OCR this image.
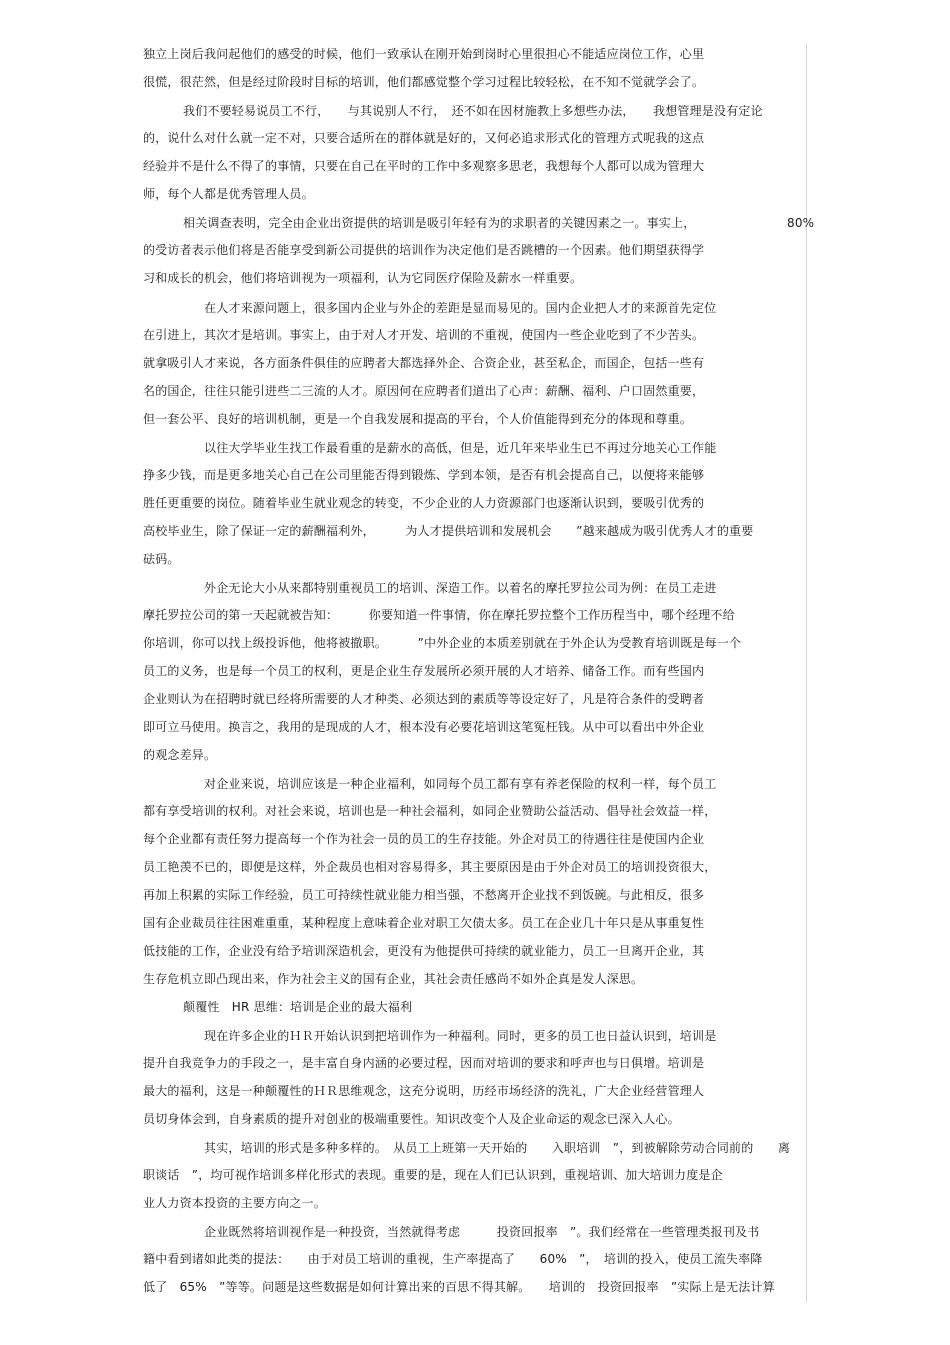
独立上岗后我问起他们的感受的时候，他们一致承认在刚开始到岗时心里很担心不能适应岗位工作，心里
很慌，很茫然，但是经过阶段时目标的培训，他们都感觉整个学习过程比较轻松，在不知不觉就学会了。
我们不要轻易说员工不行，　　与其说别人不行，　还不如在因材施教上多想些办法，　　我想管理是没有定论
的，说什么对什么就一定不对，只要合适所在的群体就是好的，又何必追求形式化的管理方式呢我的这点
经验并不是什么不得了的事情，只要在自己在平时的工作中多观察多思老，我想每个人都可以成为管理大
师，每个人都是优秀管理人员。
相关调查表明，完全由企业出资提供的培训是吸引年轻有为的求职者的关键因素之一。事实上，　　　　　　　　80%
的受访者表示他们将是否能享受到新公司提供的培训作为决定他们是否跳槽的一个因素。他们期望获得学
习和成长的机会，他们将培训视为一项福利，认为它同医疗保险及薪水一样重要。
在人才来源问题上，很多国内企业与外企的差距是显而易见的。国内企业把人才的来源首先定位
在引进上，其次才是培训。事实上，由于对人才开发、培训的不重视，使国内一些企业吃到了不少苦头。
就拿吸引人才来说，各方面条件俱佳的应聘者大都选择外企、合资企业，甚至私企，而国企，包括一些有
名的国企，往往只能引进些二三流的人才。原因何在应聘者们道出了心声：薪酬、福利、户口固然重要，
但一套公平、良好的培训机制，更是一个自我发展和提高的平台，个人价值能得到充分的体现和尊重。
以往大学毕业生找工作最看重的是薪水的高低，但是，近几年来毕业生已不再过分地关心工作能
挣多少钱，而是更多地关心自己在公司里能否得到锻炼、学到本领，是否有机会提高自己，以便将来能够
胜任更重要的岗位。随着毕业生就业观念的转变，不少企业的人力资源部门也逐渐认识到，要吸引优秀的
高校毕业生，除了保证一定的薪酬福利外，　　　为人才提供培训和发展机会　　”越来越成为吸引优秀人才的重要
砝码。
外企无论大小从来都特别重视员工的培训、深造工作。以着名的摩托罗拉公司为例：在员工走进
摩托罗拉公司的第一天起就被告知：　　　你要知道一件事情，你在摩托罗拉整个工作历程当中，哪个经理不给
你培训，你可以找上级投诉他，他将被撤职。　　　”中外企业的本质差别就在于外企认为受教育培训既是每一个
员工的义务，也是每一个员工的权利，更是企业生存发展所必须开展的人才培养、储备工作。而有些国内
企业则认为在招聘时就已经将所需要的人才种类、必须达到的素质等等设定好了，凡是符合条件的受聘者
即可立马使用。换言之，我用的是现成的人才，根本没有必要花培训这笔冤枉钱。从中可以看出中外企业
的观念差异。
对企业来说，培训应该是一种企业福利，如同每个员工都有享有养老保险的权利一样，每个员工
都有享受培训的权利。对社会来说，培训也是一种社会福利，如同企业赞助公益活动、倡导社会效益一样，
每个企业都有责任努力提高每一个作为社会一员的员工的生存技能。外企对员工的待遇往往是使国内企业
员工艳羡不已的，即便是这样，外企裁员也相对容易得多，其主要原因是由于外企对员工的培训投资很大，
再加上积累的实际工作经验，员工可持续性就业能力相当强，不愁离开企业找不到饭碗。与此相反，很多
国有企业裁员往往困难重重，某种程度上意味着企业对职工欠债太多。员工在企业几十年只是从事重复性
低技能的工作，企业没有给予培训深造机会，更没有为他提供可持续的就业能力，员工一旦离开企业，其
生存危机立即凸现出来，作为社会主义的国有企业，其社会责任感尚不如外企真是发人深思。
颠覆性　HR 思维：培训是企业的最大福利
现在许多企业的ＨＲ开始认识到把培训作为一种福利。同时，更多的员工也日益认识到，培训是
提升自我竞争力的手段之一，是丰富自身内涵的必要过程，因而对培训的要求和呼声也与日俱增。培训是
最大的福利，这是一种颠覆性的ＨＲ思维观念，这充分说明，历经市场经济的洗礼，广大企业经营管理人
员切身体会到，自身素质的提升对创业的极端重要性。知识改变个人及企业命运的观念已深入人心。
其实，培训的形式是多种多样的。　从员工上班第一天开始的　　入职培训　”，到被解除劳动合同前的　　离
职谈话　”，均可视作培训多样化形式的表现。重要的是，现在人们已认识到，重视培训、加大培训力度是企
业人力资本投资的主要方向之一。
企业既然将培训视作是一种投资，当然就得考虑　　　投资回报率　”。我们经常在一些管理类报刊及书
籍中看到诸如此类的提法：　　由于对员工培训的重视，生产率提高了　　60%　”，　培训的投入，使员工流失率降
低了　65%　”等等。问题是这些数据是如何计算出来的百思不得其解。　　培训的　投资回报率　”实际上是无法计算
